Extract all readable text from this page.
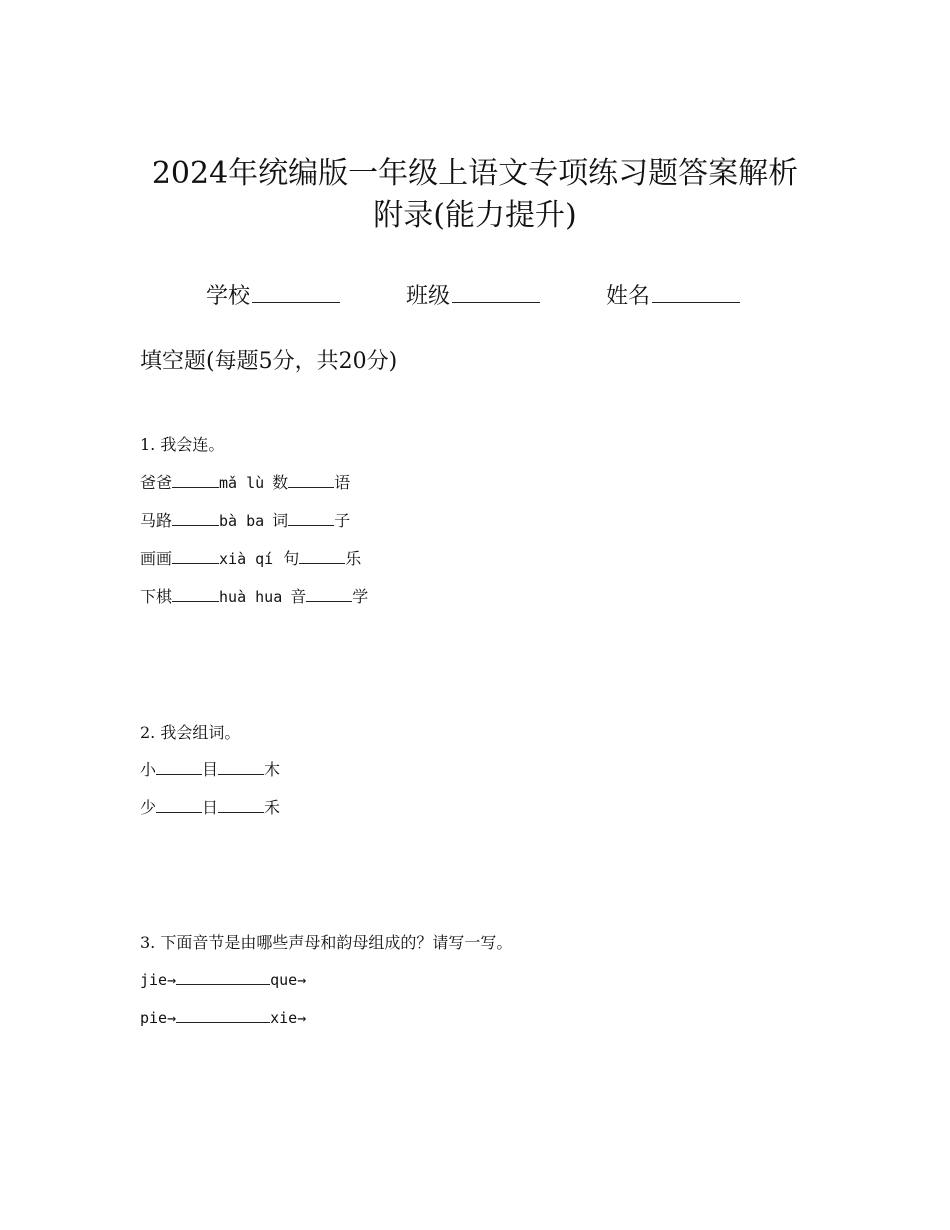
2024年统编版一年级上语文专项练习题答案解析
附录(能力提升)
学校	班级	姓名
填空题(每题5分，共20分)
1. 我会连。
爸爸	mǎ lù 数	语
马路	bà ba 词	子
画画	xià qí 句	乐
下棋	huà hua 音	学
2. 我会组词。
小	目	木
少	日	禾
3. 下面音节是由哪些声母和韵母组成的？请写一写。
jie→	que→
pie→	xie→
